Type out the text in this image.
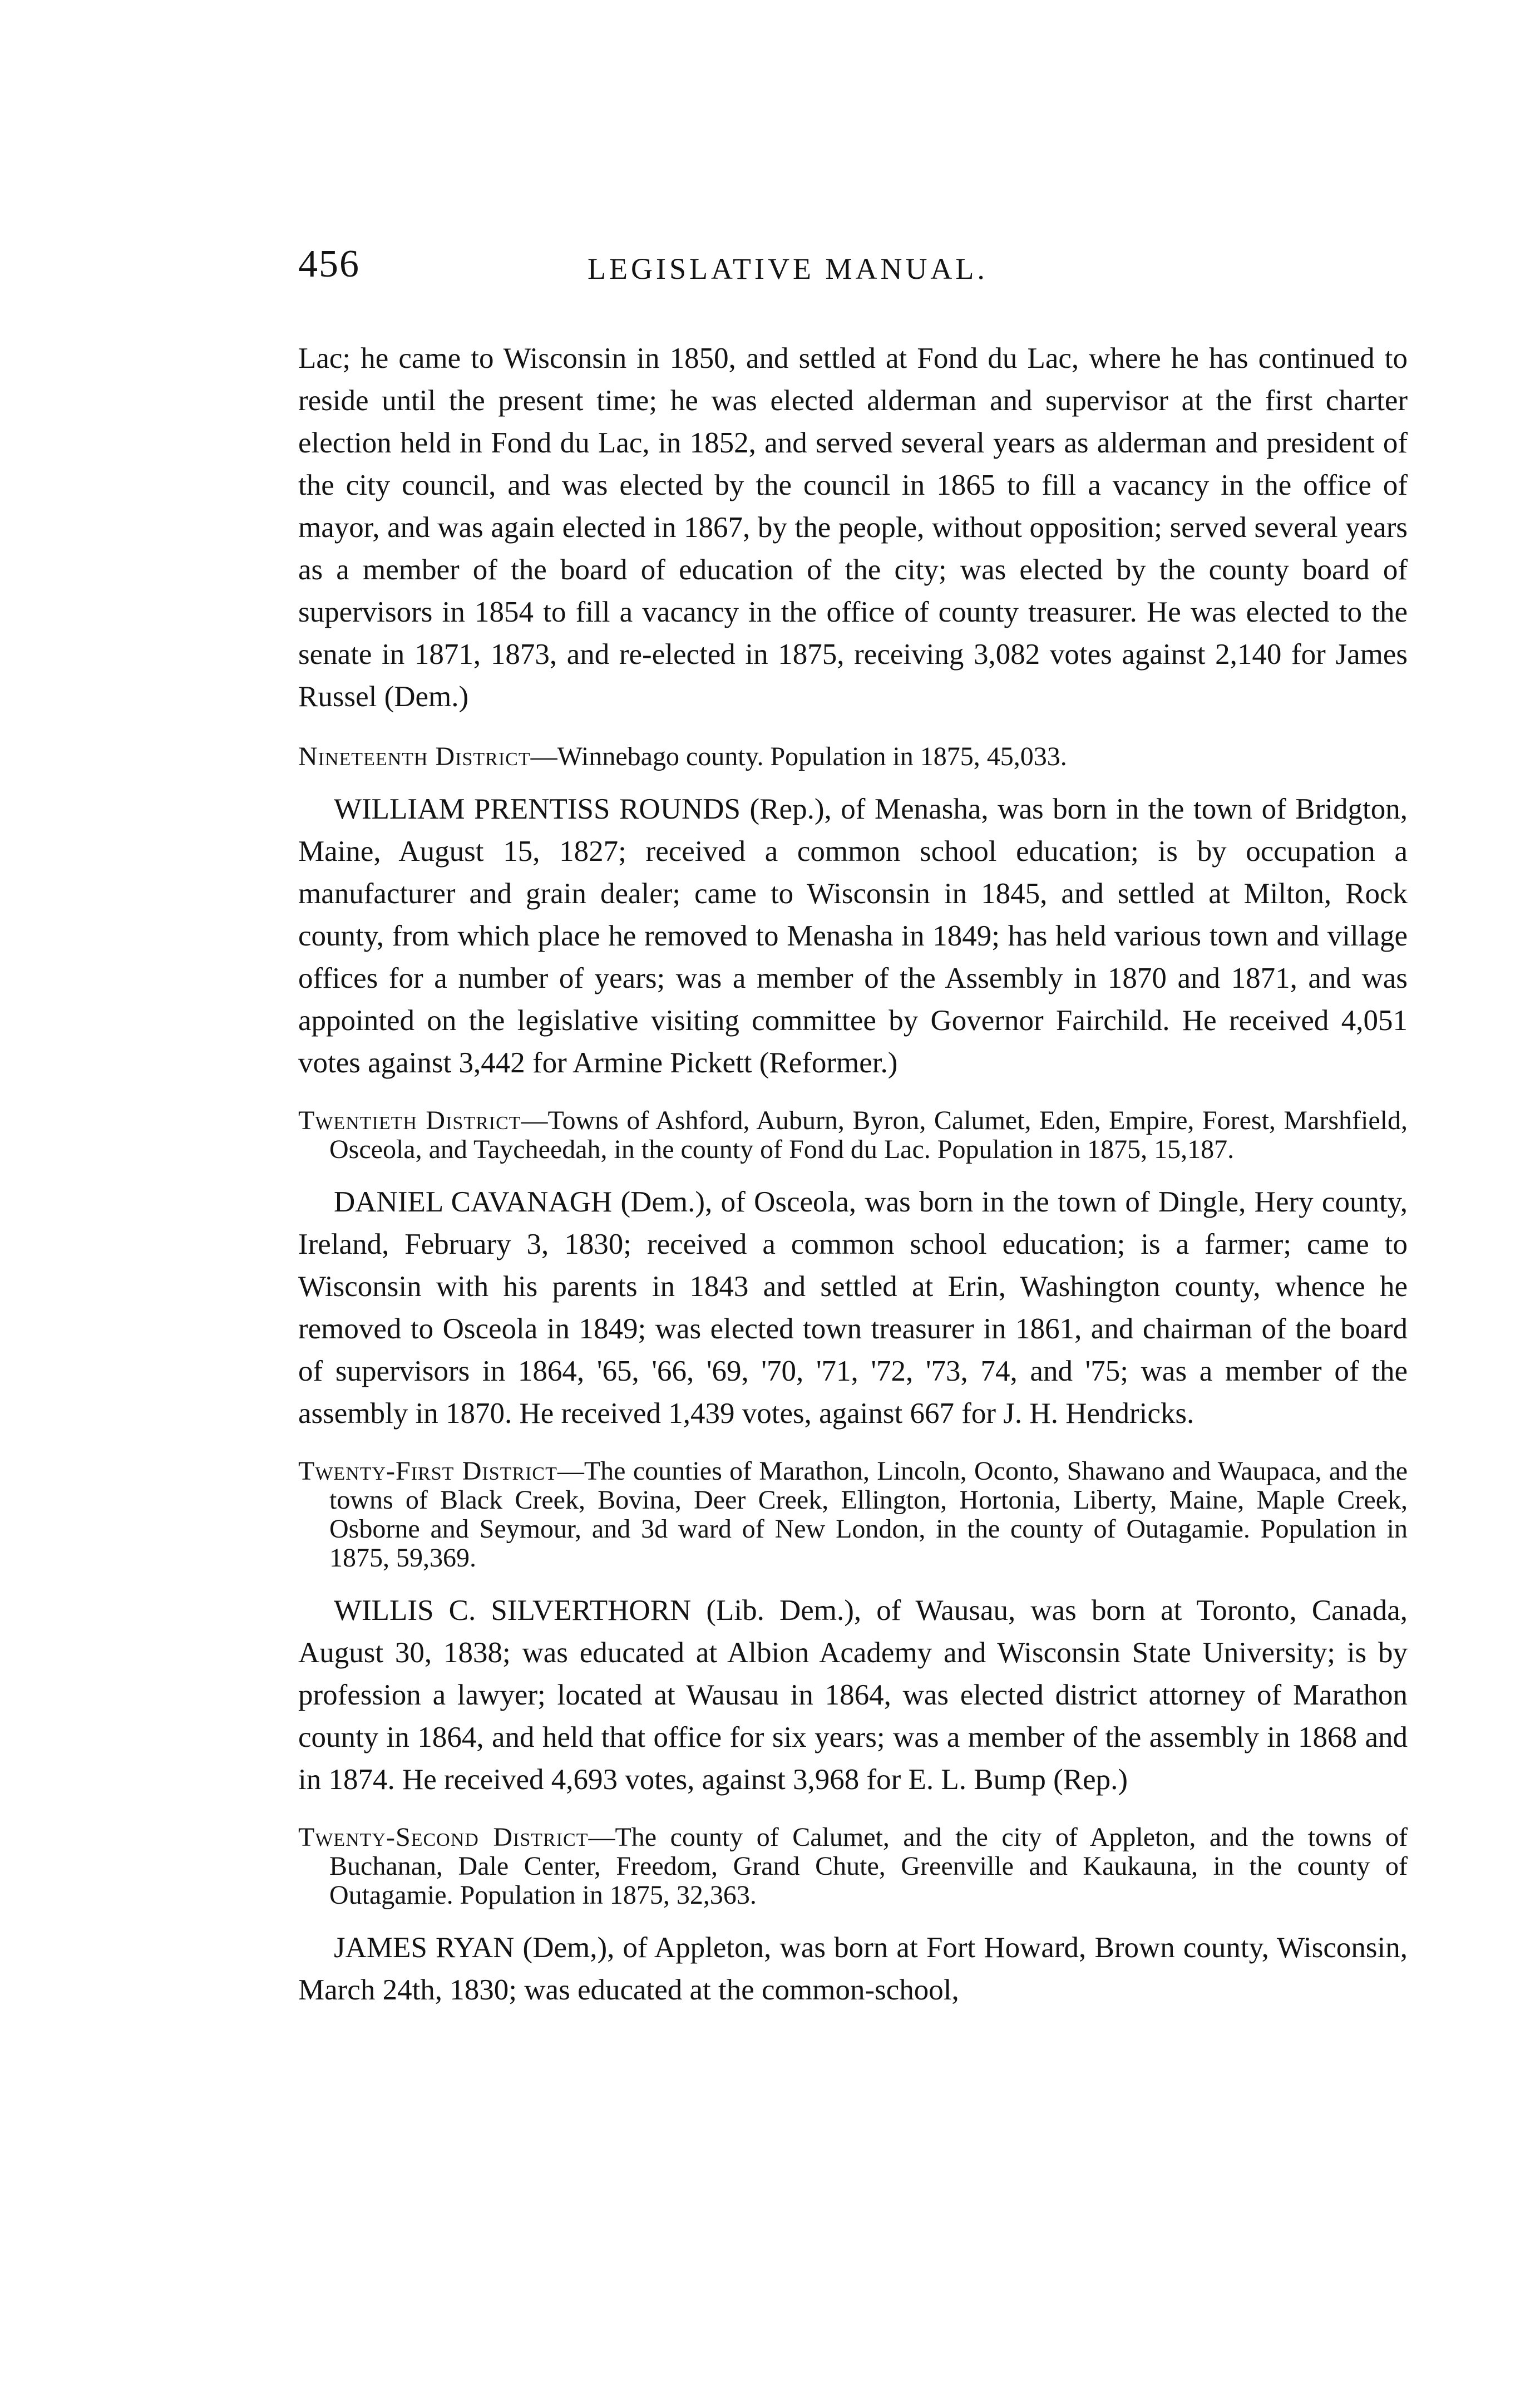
456	LEGISLATIVE MANUAL.

Lac; he came to Wisconsin in 1850, and settled at Fond du Lac, where he has continued to reside until the present time; he was elected alderman and supervisor at the first charter election held in Fond du Lac, in 1852, and served several years as alderman and president of the city council, and was elected by the council in 1865 to fill a vacancy in the office of mayor, and was again elected in 1867, by the people, without opposition; served several years as a member of the board of education of the city; was elected by the county board of supervisors in 1854 to fill a vacancy in the office of county treasurer. He was elected to the senate in 1871, 1873, and re-elected in 1875, receiving 3,082 votes against 2,140 for James Russel (Dem.)

Nineteenth District—Winnebago county. Population in 1875, 45,033.

WILLIAM PRENTISS ROUNDS (Rep.), of Menasha, was born in the town of Bridgton, Maine, August 15, 1827; received a common school education; is by occupation a manufacturer and grain dealer; came to Wisconsin in 1845, and settled at Milton, Rock county, from which place he removed to Menasha in 1849; has held various town and village offices for a number of years; was a member of the Assembly in 1870 and 1871, and was appointed on the legislative visiting committee by Governor Fairchild. He received 4,051 votes against 3,442 for Armine Pickett (Reformer.)

Twentieth District—Towns of Ashford, Auburn, Byron, Calumet, Eden, Empire, Forest, Marshfield, Osceola, and Taycheedah, in the county of Fond du Lac. Population in 1875, 15,187.

DANIEL CAVANAGH (Dem.), of Osceola, was born in the town of Dingle, Hery county, Ireland, February 3, 1830; received a common school education; is a farmer; came to Wisconsin with his parents in 1843 and settled at Erin, Washington county, whence he removed to Osceola in 1849; was elected town treasurer in 1861, and chairman of the board of supervisors in 1864, '65, '66, '69, '70, '71, '72, '73, 74, and '75; was a member of the assembly in 1870. He received 1,439 votes, against 667 for J. H. Hendricks.

Twenty-First District—The counties of Marathon, Lincoln, Oconto, Shawano and Waupaca, and the towns of Black Creek, Bovina, Deer Creek, Ellington, Hortonia, Liberty, Maine, Maple Creek, Osborne and Seymour, and 3d ward of New London, in the county of Outagamie. Population in 1875, 59,369.

WILLIS C. SILVERTHORN (Lib. Dem.), of Wausau, was born at Toronto, Canada, August 30, 1838; was educated at Albion Academy and Wisconsin State University; is by profession a lawyer; located at Wausau in 1864, was elected district attorney of Marathon county in 1864, and held that office for six years; was a member of the assembly in 1868 and in 1874. He received 4,693 votes, against 3,968 for E. L. Bump (Rep.)

Twenty-Second District—The county of Calumet, and the city of Appleton, and the towns of Buchanan, Dale Center, Freedom, Grand Chute, Greenville and Kaukauna, in the county of Outagamie. Population in 1875, 32,363.

JAMES RYAN (Dem,), of Appleton, was born at Fort Howard, Brown county, Wisconsin, March 24th, 1830; was educated at the common-school,
